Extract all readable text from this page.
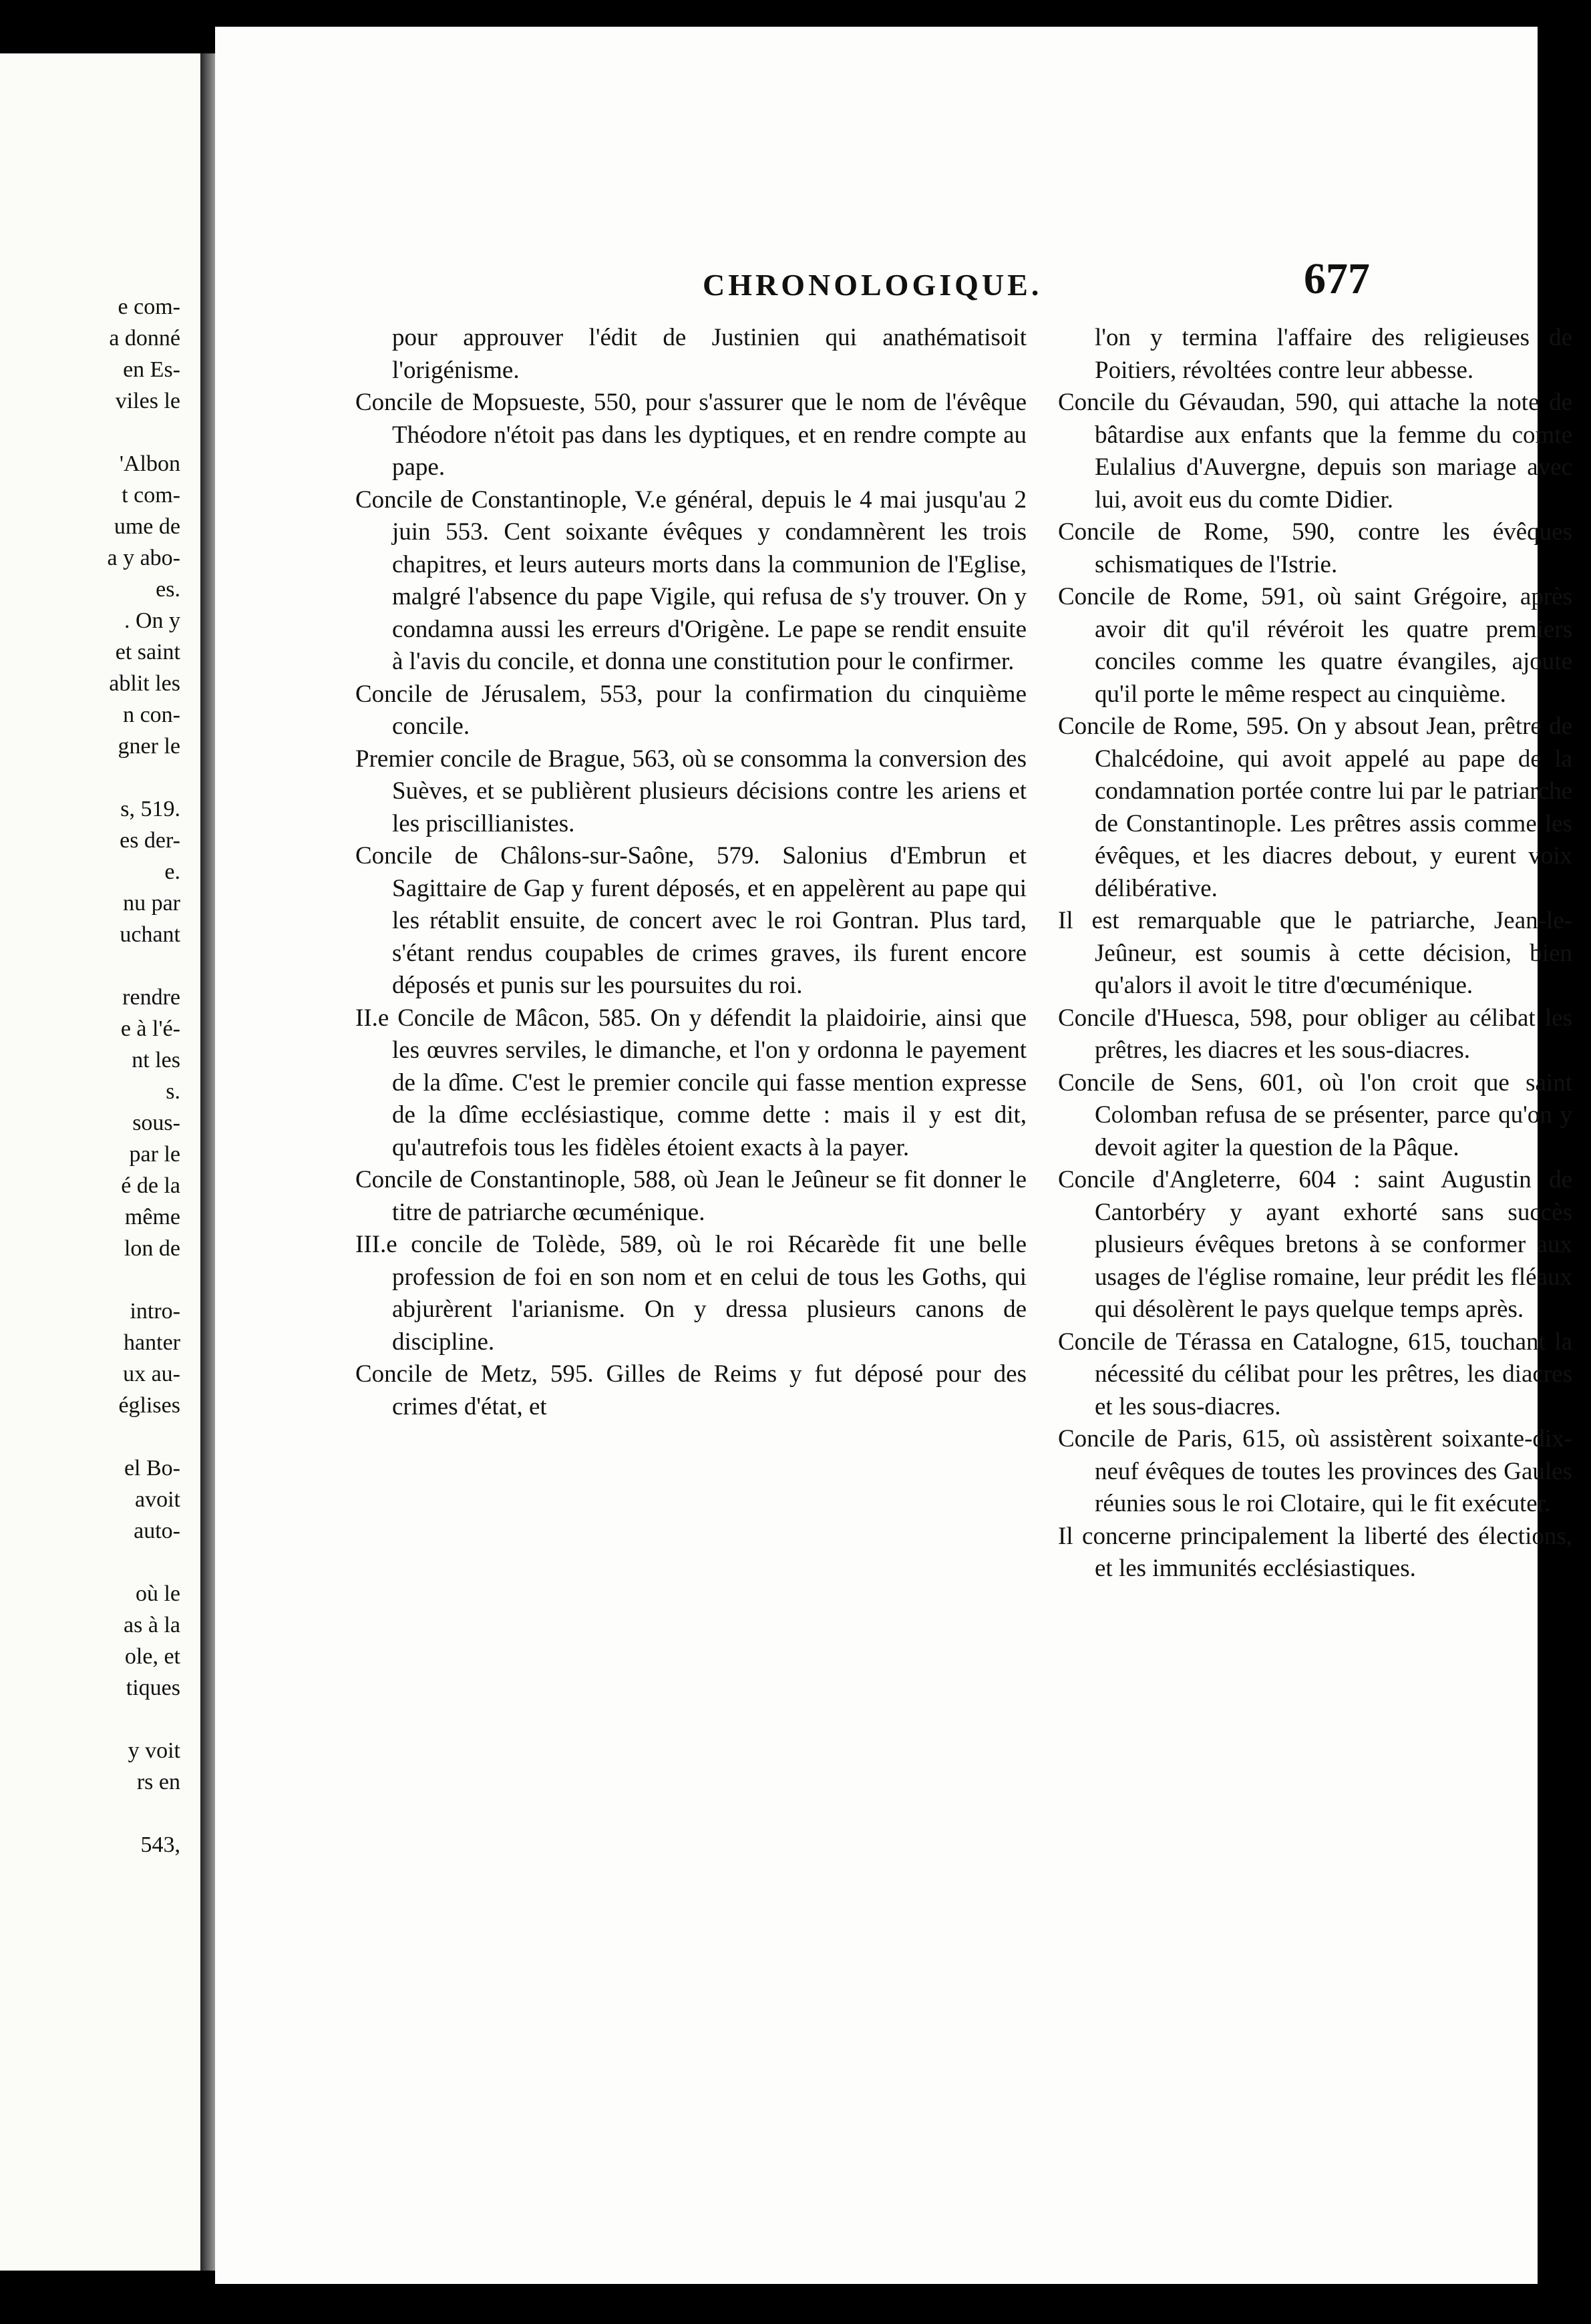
e com-
a donné
en Es-
viles le
'Albon
t com-
ume de
a y abo-
es.
. On y
et saint
ablit les
n con-
gner le
s, 519.
es der-
e.
nu par
uchant
rendre
e à l'é-
nt les
s.
sous-
par le
é de la
même
lon de
intro-
hanter
ux au-
églises
el Bo-
avoit
auto-
où le
as à la
ole, et
tiques
y voit
rs en
543,
CHRONOLOGIQUE.	677

pour approuver l'édit de Justinien qui anathématisoit l'origénisme.

Concile de Mopsueste, 550, pour s'assurer que le nom de l'évêque Théodore n'étoit pas dans les dyptiques, et en rendre compte au pape.

Concile de Constantinople, V.e général, depuis le 4 mai jusqu'au 2 juin 553. Cent soixante évêques y condamnèrent les trois chapitres, et leurs auteurs morts dans la communion de l'Eglise, malgré l'absence du pape Vigile, qui refusa de s'y trouver. On y condamna aussi les erreurs d'Origène. Le pape se rendit ensuite à l'avis du concile, et donna une constitution pour le confirmer.

Concile de Jérusalem, 553, pour la confirmation du cinquième concile.

Premier concile de Brague, 563, où se consomma la conversion des Suèves, et se publièrent plusieurs décisions contre les ariens et les priscillianistes.

Concile de Châlons-sur-Saône, 579. Salonius d'Embrun et Sagittaire de Gap y furent déposés, et en appelèrent au pape qui les rétablit ensuite, de concert avec le roi Gontran. Plus tard, s'étant rendus coupables de crimes graves, ils furent encore déposés et punis sur les poursuites du roi.

II.e Concile de Mâcon, 585. On y défendit la plaidoirie, ainsi que les œuvres serviles, le dimanche, et l'on y ordonna le payement de la dîme. C'est le premier concile qui fasse mention expresse de la dîme ecclésiastique, comme dette : mais il y est dit, qu'autrefois tous les fidèles étoient exacts à la payer.

Concile de Constantinople, 588, où Jean le Jeûneur se fit donner le titre de patriarche œcuménique.

III.e concile de Tolède, 589, où le roi Récarède fit une belle profession de foi en son nom et en celui de tous les Goths, qui abjurèrent l'arianisme. On y dressa plusieurs canons de discipline.

Concile de Metz, 595. Gilles de Reims y fut déposé pour des crimes d'état, et

l'on y termina l'affaire des religieuses de Poitiers, révoltées contre leur abbesse.

Concile du Gévaudan, 590, qui attache la note de bâtardise aux enfants que la femme du comte Eulalius d'Auvergne, depuis son mariage avec lui, avoit eus du comte Didier.

Concile de Rome, 590, contre les évêques schismatiques de l'Istrie.

Concile de Rome, 591, où saint Grégoire, après avoir dit qu'il révéroit les quatre premiers conciles comme les quatre évangiles, ajoute qu'il porte le même respect au cinquième.

Concile de Rome, 595. On y absout Jean, prêtre de Chalcédoine, qui avoit appelé au pape de la condamnation portée contre lui par le patriarche de Constantinople. Les prêtres assis comme les évêques, et les diacres debout, y eurent voix délibérative.

Il est remarquable que le patriarche, Jean-le-Jeûneur, est soumis à cette décision, bien qu'alors il avoit le titre d'œcuménique.

Concile d'Huesca, 598, pour obliger au célibat les prêtres, les diacres et les sous-diacres.

Concile de Sens, 601, où l'on croit que saint Colomban refusa de se présenter, parce qu'on y devoit agiter la question de la Pâque.

Concile d'Angleterre, 604 : saint Augustin de Cantorbéry y ayant exhorté sans succès plusieurs évêques bretons à se conformer aux usages de l'église romaine, leur prédit les fléaux qui désolèrent le pays quelque temps après.

Concile de Térassa en Catalogne, 615, touchant la nécessité du célibat pour les prêtres, les diacres et les sous-diacres.

Concile de Paris, 615, où assistèrent soixante-dix-neuf évêques de toutes les provinces des Gaules réunies sous le roi Clotaire, qui le fit exécuter.

Il concerne principalement la liberté des élections, et les immunités ecclésiastiques.
